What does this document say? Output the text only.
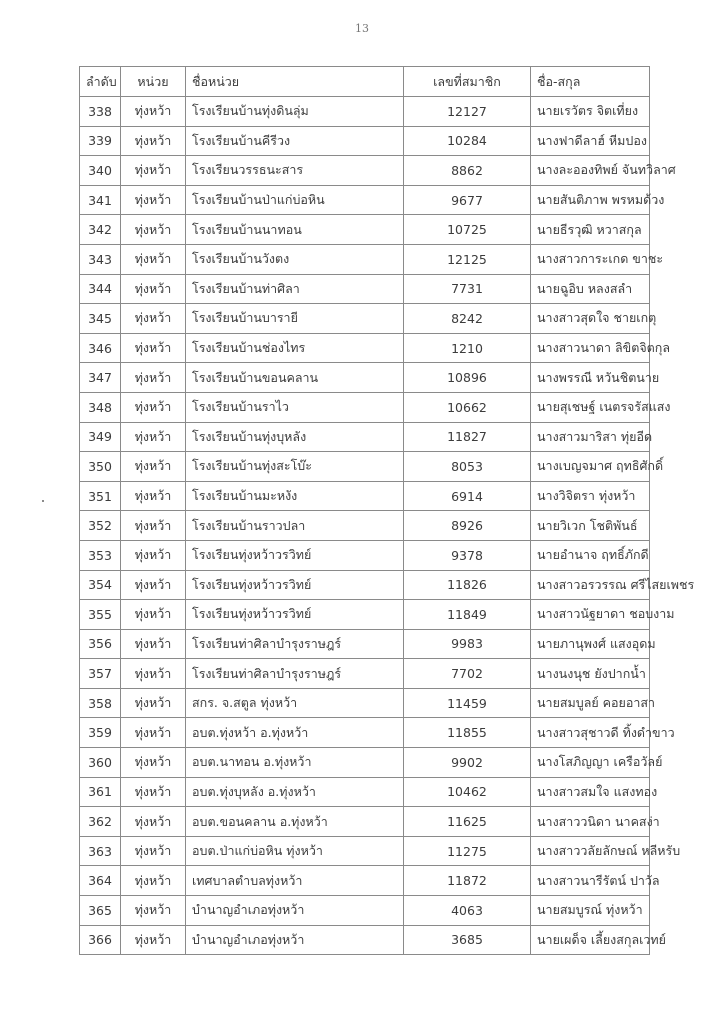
13
ลำดับ	หน่วย	ชื่อหน่วย	เลขที่สมาชิก	ชื่อ-สกุล
338	ทุ่งหว้า	โรงเรียนบ้านทุ่งดินลุ่ม	12127	นายเรวัตร จิตเที่ยง
339	ทุ่งหว้า	โรงเรียนบ้านคีรีวง	10284	นางฟาดีลาฮ์ หีมปอง
340	ทุ่งหว้า	โรงเรียนวรรธนะสาร	8862	นางละอองทิพย์ จันทวิลาศ
341	ทุ่งหว้า	โรงเรียนบ้านป่าแก่บ่อหิน	9677	นายสันติภาพ พรหมด้วง
342	ทุ่งหว้า	โรงเรียนบ้านนาทอน	10725	นายธีรวุฒิ หวาสกุล
343	ทุ่งหว้า	โรงเรียนบ้านวังตง	12125	นางสาวการะเกด ขาชะ
344	ทุ่งหว้า	โรงเรียนบ้านท่าศิลา	7731	นายฉูอิบ หลงสลำ
345	ทุ่งหว้า	โรงเรียนบ้านบารายี	8242	นางสาวสุดใจ ชายเกตุ
346	ทุ่งหว้า	โรงเรียนบ้านช่องไทร	1210	นางสาวนาดา ลิขิตจิตกุล
347	ทุ่งหว้า	โรงเรียนบ้านขอนคลาน	10896	นางพรรณี หวันชิตนาย
348	ทุ่งหว้า	โรงเรียนบ้านราไว	10662	นายสุเชษฐ์ เนตรจรัสแสง
349	ทุ่งหว้า	โรงเรียนบ้านทุ่งบุหลัง	11827	นางสาวมาริสา ทุ่ยอีด
350	ทุ่งหว้า	โรงเรียนบ้านทุ่งสะโบ๊ะ	8053	นางเบญจมาศ ฤทธิศักดิ์
351	ทุ่งหว้า	โรงเรียนบ้านมะหงัง	6914	นางวิจิตรา ทุ่งหว้า
352	ทุ่งหว้า	โรงเรียนบ้านราวปลา	8926	นายวิเวก โชติพันธ์
353	ทุ่งหว้า	โรงเรียนทุ่งหว้าวรวิทย์	9378	นายอำนาจ ฤทธิ์ภักดี
354	ทุ่งหว้า	โรงเรียนทุ่งหว้าวรวิทย์	11826	นางสาวอรวรรณ ศรีไสยเพชร
355	ทุ่งหว้า	โรงเรียนทุ่งหว้าวรวิทย์	11849	นางสาวนัฐยาดา ชอบงาม
356	ทุ่งหว้า	โรงเรียนท่าศิลาบำรุงราษฎร์	9983	นายภานุพงศ์ แสงอุดม
357	ทุ่งหว้า	โรงเรียนท่าศิลาบำรุงราษฎร์	7702	นางนงนุช ยังปากน้ำ
358	ทุ่งหว้า	สกร. จ.สตูล ทุ่งหว้า	11459	นายสมบูลย์ คอยอาสา
359	ทุ่งหว้า	อบต.ทุ่งหว้า อ.ทุ่งหว้า	11855	นางสาวสุชาวดี ทิ้งดำขาว
360	ทุ่งหว้า	อบต.นาทอน อ.ทุ่งหว้า	9902	นางโสภิญญา เครือวัลย์
361	ทุ่งหว้า	อบต.ทุ่งบุหลัง อ.ทุ่งหว้า	10462	นางสาวสมใจ แสงทอง
362	ทุ่งหว้า	อบต.ขอนคลาน อ.ทุ่งหว้า	11625	นางสาววนิดา นาคสง่า
363	ทุ่งหว้า	อบต.ป่าแก่บ่อหิน ทุ่งหว้า	11275	นางสาววลัยลักษณ์ หลีหรับ
364	ทุ่งหว้า	เทศบาลตำบลทุ่งหว้า	11872	นางสาวนารีรัตน์ ปาวัล
365	ทุ่งหว้า	บำนาญอำเภอทุ่งหว้า	4063	นายสมบูรณ์ ทุ่งหว้า
366	ทุ่งหว้า	บำนาญอำเภอทุ่งหว้า	3685	นายเผด็จ เลี้ยงสกุลเวทย์
